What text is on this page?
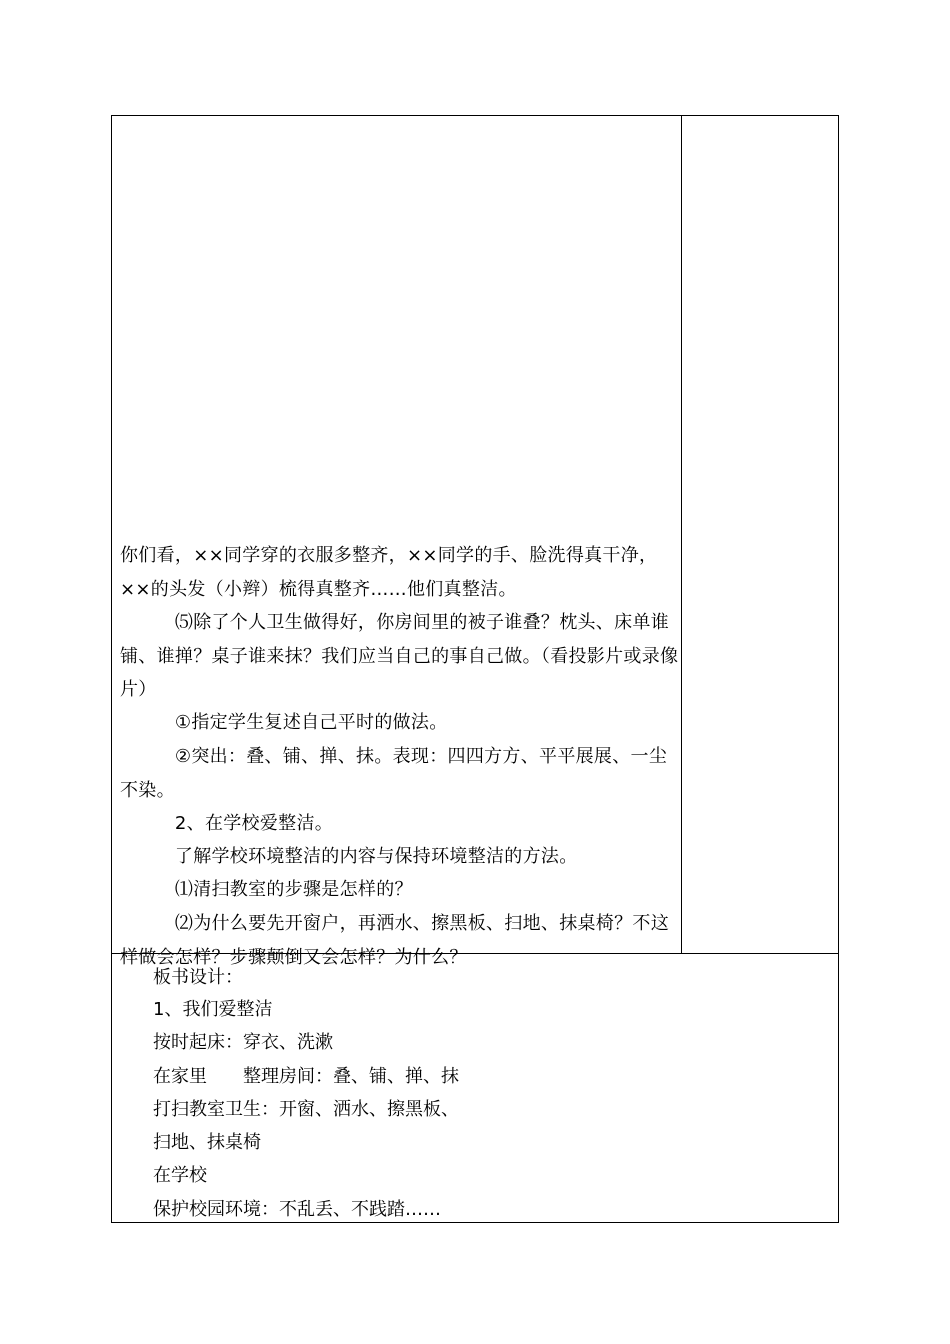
你们看，××同学穿的衣服多整齐，××同学的手、脸洗得真干净，××的头发（小辫）梳得真整齐……他们真整洁。
　　　⑸除了个人卫生做得好，你房间里的被子谁叠？枕头、床单谁铺、谁掸？桌子谁来抹？我们应当自己的事自己做。（看投影片或录像片）
　　　①指定学生复述自己平时的做法。
　　　②突出：叠、铺、掸、抹。表现：四四方方、平平展展、一尘不染。
　　　2、在学校爱整洁。
　　　了解学校环境整洁的内容与保持环境整洁的方法。
　　　⑴清扫教室的步骤是怎样的？
　　　⑵为什么要先开窗户，再洒水、擦黑板、扫地、抹桌椅？不这样做会怎样？步骤颠倒又会怎样？为什么？
板书设计：
1、我们爱整洁
按时起床：穿衣、洗漱
在家里　　整理房间：叠、铺、掸、抹
打扫教室卫生：开窗、洒水、擦黑板、
扫地、抹桌椅
在学校
保护校园环境：不乱丢、不践踏……
